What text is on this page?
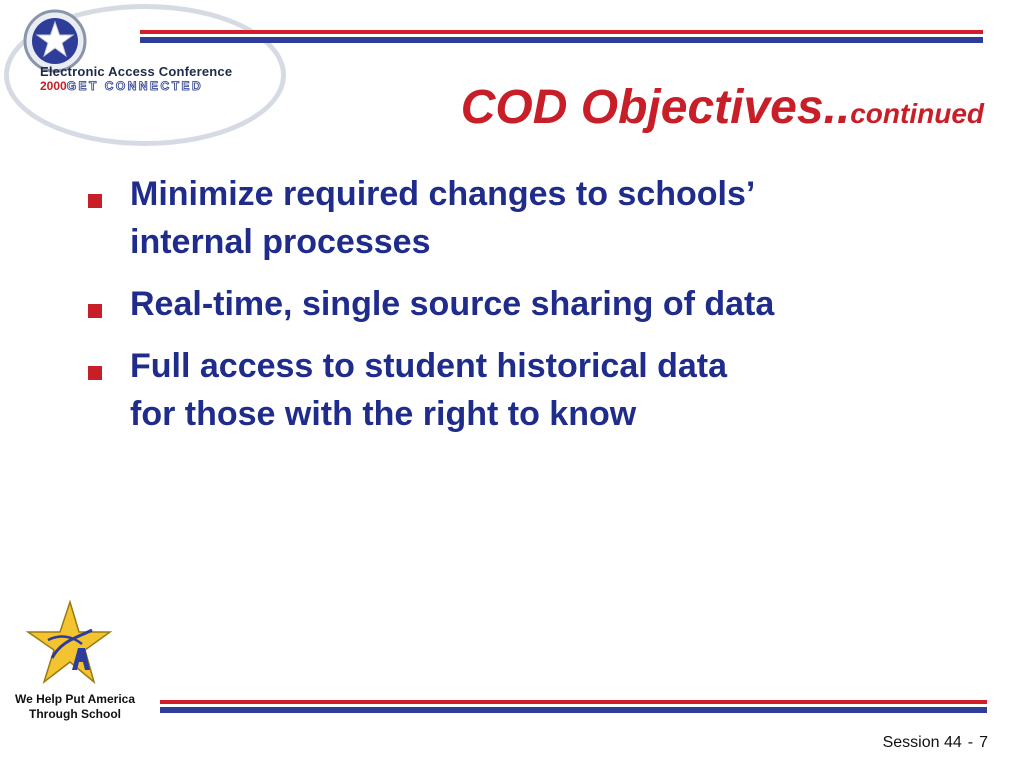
Electronic Access Conference
2000GET CONNECTED	COD Objectives..continued
Minimize required changes to schools’
internal processes
Real-time, single source sharing of data
Full access to student historical data
for those with the right to know
We Help Put America
Through School
Session 44 - 7
